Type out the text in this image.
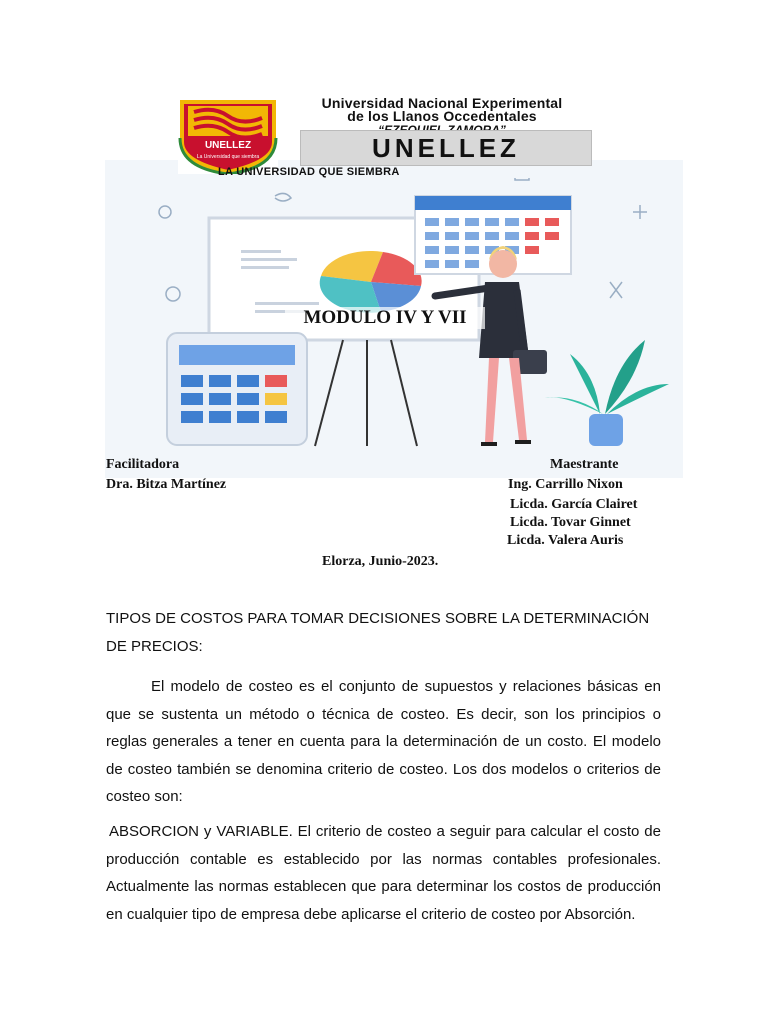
UNELLEZ
La Universidad que siembra
Universidad Nacional Experimental
de los Llanos Occedentales
UNELLEZ
LA UNIVERSIDAD QUE SIEMBRA
MODULO IV Y VII
Facilitadora
Dra. Bitza Martínez
Maestrante
Ing. Carrillo Nixon
Licda. García Clairet
Licda. Tovar Ginnet
Licda. Valera Auris
Elorza, Junio-2023.
TIPOS DE COSTOS PARA TOMAR DECISIONES SOBRE LA DETERMINACIÓN DE PRECIOS:
El modelo de costeo es el conjunto de supuestos y relaciones básicas en que se sustenta un método o técnica de costeo. Es decir, son los principios o reglas generales a tener en cuenta para la determinación de un costo. El modelo de costeo también se denomina criterio de costeo. Los dos modelos o criterios de costeo son:
ABSORCION y VARIABLE. El criterio de costeo a seguir para calcular el costo de producción contable es establecido por las normas contables profesionales. Actualmente las normas establecen que para determinar los costos de producción en cualquier tipo de empresa debe aplicarse el criterio de costeo por Absorción.
